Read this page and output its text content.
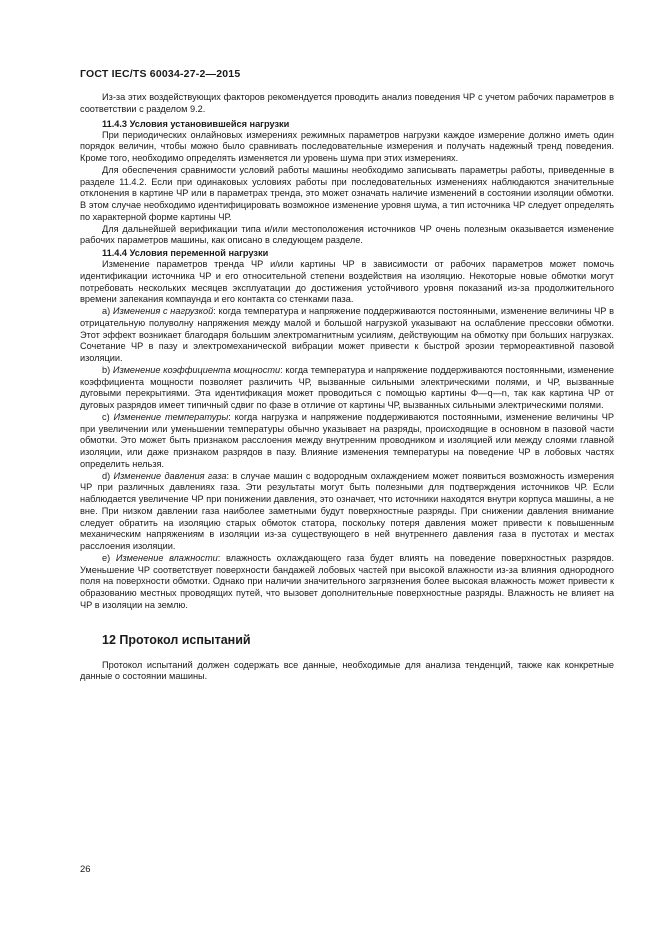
ГОСТ IEC/TS 60034-27-2—2015

Из-за этих воздействующих факторов рекомендуется проводить анализ поведения ЧР с учетом рабочих параметров в соответствии с разделом 9.2.

11.4.3 Условия установившейся нагрузки

При периодических онлайновых измерениях режимных параметров нагрузки каждое измерение должно иметь один порядок величин, чтобы можно было сравнивать последовательные измерения и получать надежный тренд поведения. Кроме того, необходимо определять изменяется ли уровень шума при этих измерениях.

Для обеспечения сравнимости условий работы машины необходимо записывать параметры работы, приведенные в разделе 11.4.2. Если при одинаковых условиях работы при последовательных изменениях наблюдаются значительные отклонения в картине ЧР или в параметрах тренда, это может означать наличие изменений в состоянии изоляции обмотки. В этом случае необходимо идентифицировать возможное изменение уровня шума, а тип источника ЧР следует определять по характерной форме картины ЧР.

Для дальнейшей верификации типа и/или местоположения источников ЧР очень полезным оказывается изменение рабочих параметров машины, как описано в следующем разделе.

11.4.4 Условия переменной нагрузки

Изменение параметров тренда ЧР и/или картины ЧР в зависимости от рабочих параметров может помочь идентификации источника ЧР и его относительной степени воздействия на изоляцию. Некоторые новые обмотки могут потребовать нескольких месяцев эксплуатации до достижения устойчивого уровня показаний из-за продолжительного времени запекания компаунда и его контакта со стенками паза.

a) Изменения с нагрузкой: когда температура и напряжение поддерживаются постоянными, изменение величины ЧР в отрицательную полуволну напряжения между малой и большой нагрузкой указывают на ослабление прессовки обмотки. Этот эффект возникает благодаря большим электромагнитным усилиям, действующим на обмотку при больших нагрузках. Сочетание ЧР в пазу и электромеханической вибрации может привести к быстрой эрозии термореактивной пазовой изоляции.

b) Изменение коэффициента мощности: когда температура и напряжение поддерживаются постоянными, изменение коэффициента мощности позволяет различить ЧР, вызванные сильными электрическими полями, и ЧР, вызванные дуговыми перекрытиями. Эта идентификация может проводиться с помощью картины Φ—q—n, так как картина ЧР от дуговых разрядов имеет типичный сдвиг по фазе в отличие от картины ЧР, вызванных сильными электрическими полями.

c) Изменение температуры: когда нагрузка и напряжение поддерживаются постоянными, изменение величины ЧР при увеличении или уменьшении температуры обычно указывает на разряды, происходящие в основном в пазовой части обмотки. Это может быть признаком расслоения между внутренним проводником и изоляцией или между слоями главной изоляции, или даже признаком разрядов в пазу. Влияние изменения температуры на поведение ЧР в лобовых частях определить нельзя.

d) Изменение давления газа: в случае машин с водородным охлаждением может появиться возможность измерения ЧР при различных давлениях газа. Эти результаты могут быть полезными для подтверждения источников ЧР. Если наблюдается увеличение ЧР при понижении давления, это означает, что источники находятся внутри корпуса машины, а не вне. При низком давлении газа наиболее заметными будут поверхностные разряды. При снижении давления внимание следует обратить на изоляцию старых обмоток статора, поскольку потеря давления может привести к повышенным механическим напряжениям в изоляции из-за существующего в ней внутреннего давления газа в пустотах и местах расслоения изоляции.

e) Изменение влажности: влажность охлаждающего газа будет влиять на поведение поверхностных разрядов. Уменьшение ЧР соответствует поверхности бандажей лобовых частей при высокой влажности из-за влияния однородного поля на поверхности обмотки. Однако при наличии значительного загрязнения более высокая влажность может привести к образованию местных проводящих путей, что вызовет дополнительные поверхностные разряды. Влажность не влияет на ЧР в изоляции на землю.

12 Протокол испытаний

Протокол испытаний должен содержать все данные, необходимые для анализа тенденций, также как конкретные данные о состоянии машины.

26
